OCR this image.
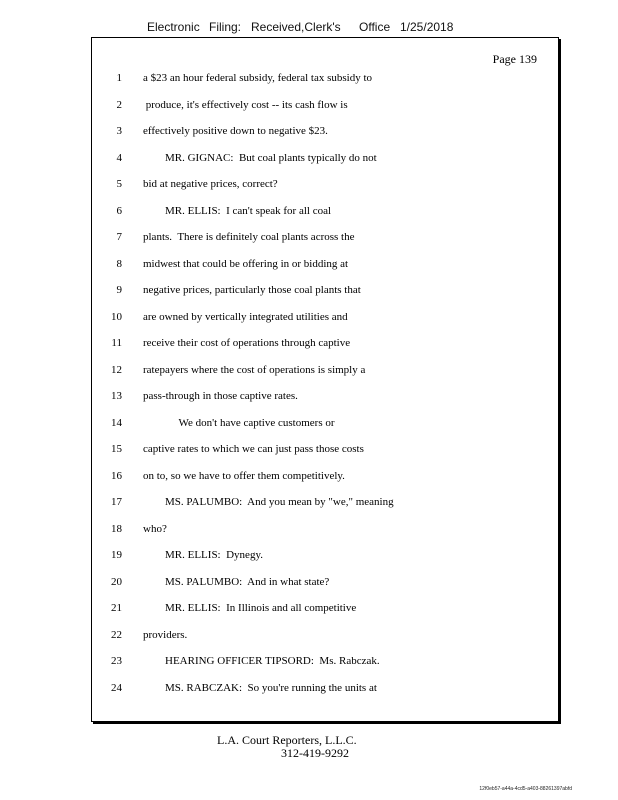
Electronic Filing: Received,Clerk's Office 1/25/2018
Page 139
1 a $23 an hour federal subsidy, federal tax subsidy to
2 produce, it's effectively cost -- its cash flow is
3 effectively positive down to negative $23.
4 MR. GIGNAC:  But coal plants typically do not
5 bid at negative prices, correct?
6 MR. ELLIS:  I can't speak for all coal
7 plants.  There is definitely coal plants across the
8 midwest that could be offering in or bidding at
9 negative prices, particularly those coal plants that
10 are owned by vertically integrated utilities and
11 receive their cost of operations through captive
12 ratepayers where the cost of operations is simply a
13 pass-through in those captive rates.
14 We don't have captive customers or
15 captive rates to which we can just pass those costs
16 on to, so we have to offer them competitively.
17 MS. PALUMBO:  And you mean by "we," meaning
18 who?
19 MR. ELLIS:  Dynegy.
20 MS. PALUMBO:  And in what state?
21 MR. ELLIS:  In Illinois and all competitive
22 providers.
23 HEARING OFFICER TIPSORD:  Ms. Rabczak.
24 MS. RABCZAK:  So you're running the units at
L.A. Court Reporters, L.L.C.
312-419-9292
12f0eb57-a44a-4cd5-a403-88261397abfd
